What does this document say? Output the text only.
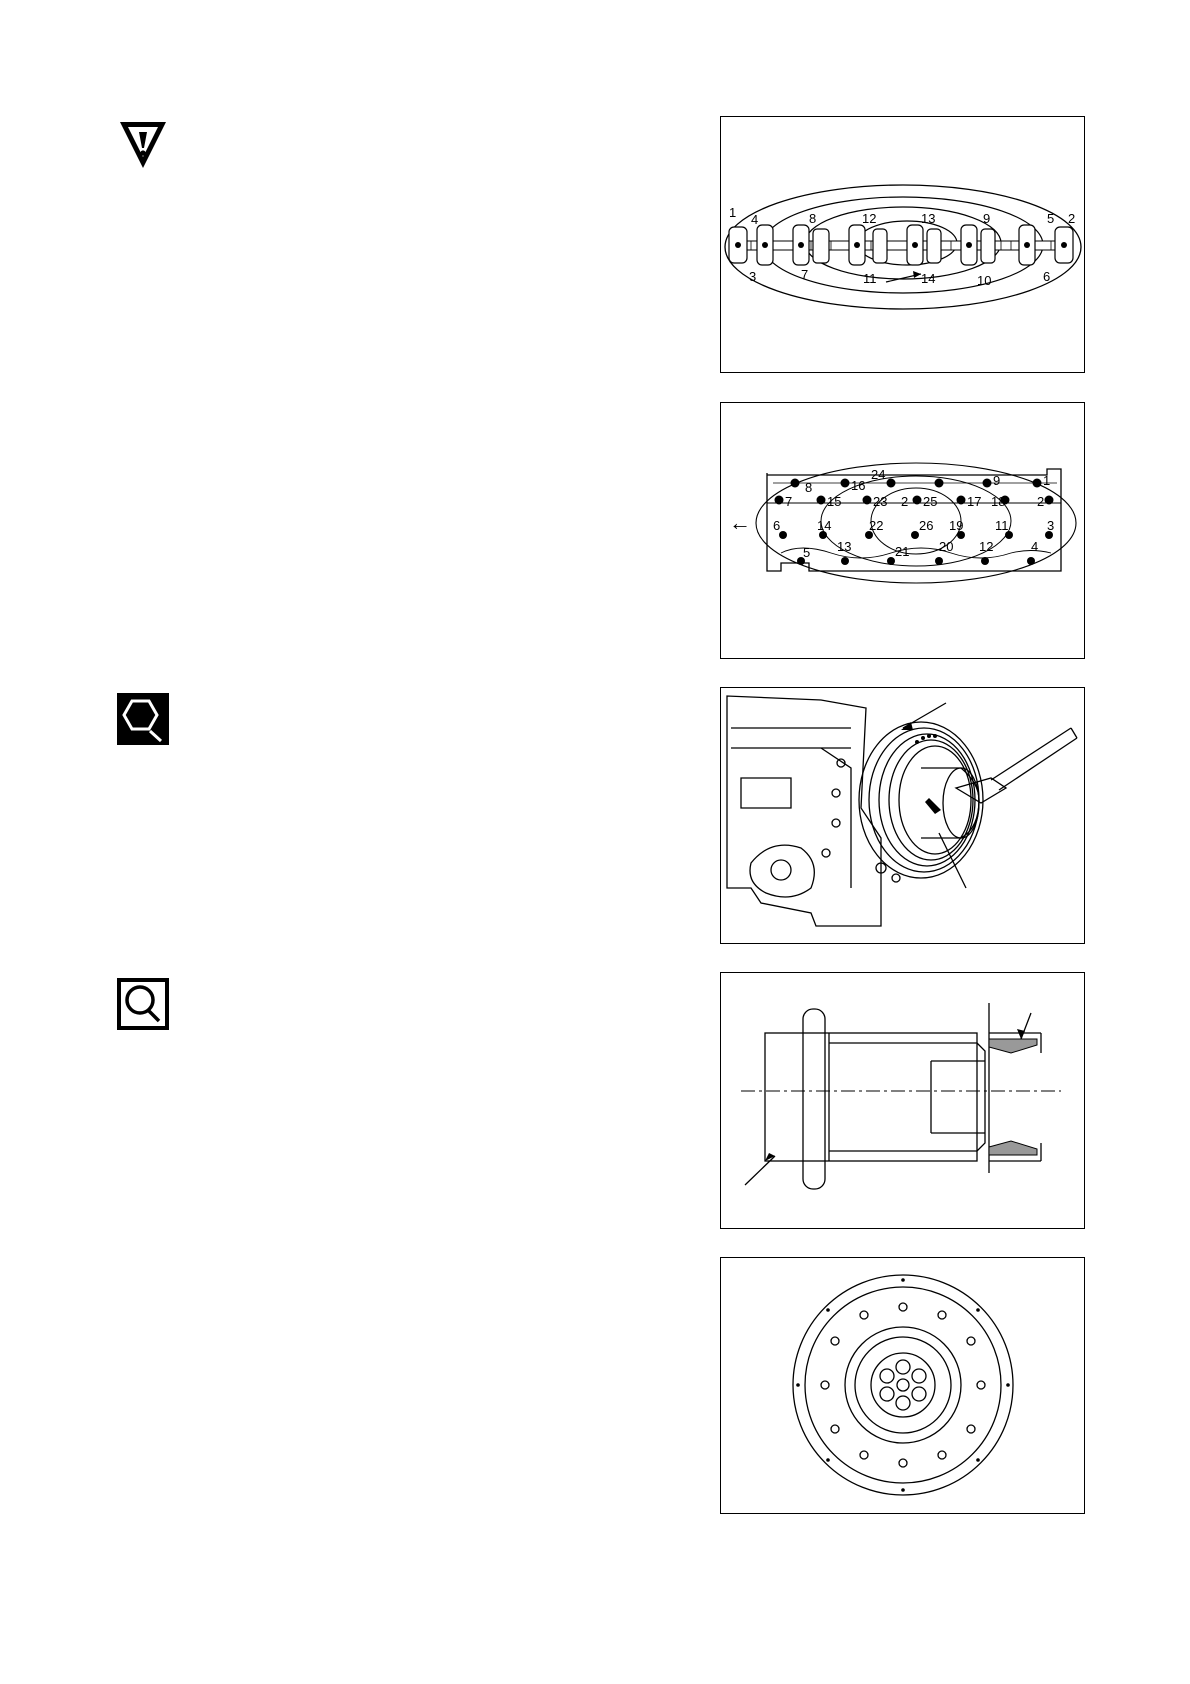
1 4	8	12	13	9	5 2
3	7	11	14	10	6
←
24
16	9	1
8
15 23 2 25 17 18 2
7
6	14	22	26 19 11	3
5 13	21 20 12	4
